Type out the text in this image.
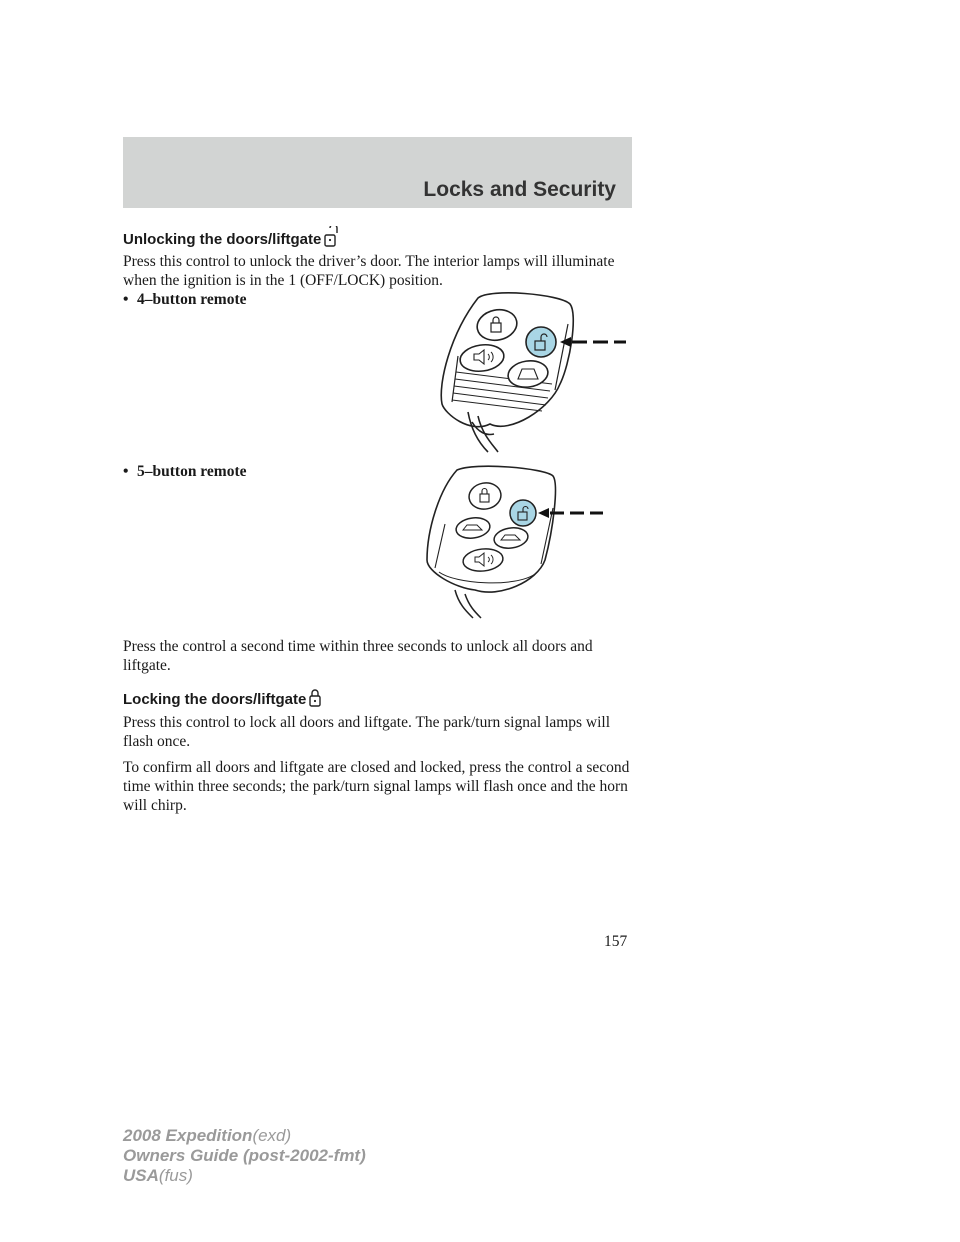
Locks and Security
Unlocking the doors/liftgate
Press this control to unlock the driver’s door. The interior lamps will illuminate when the ignition is in the 1 (OFF/LOCK) position.
• 4–button remote
• 5–button remote
Press the control a second time within three seconds to unlock all doors and liftgate.
Locking the doors/liftgate
Press this control to lock all doors and liftgate. The park/turn signal lamps will flash once.
To confirm all doors and liftgate are closed and locked, press the control a second time within three seconds; the park/turn signal lamps will flash once and the horn will chirp.
157
2008 Expedition(exd)
Owners Guide (post-2002-fmt)
USA(fus)
